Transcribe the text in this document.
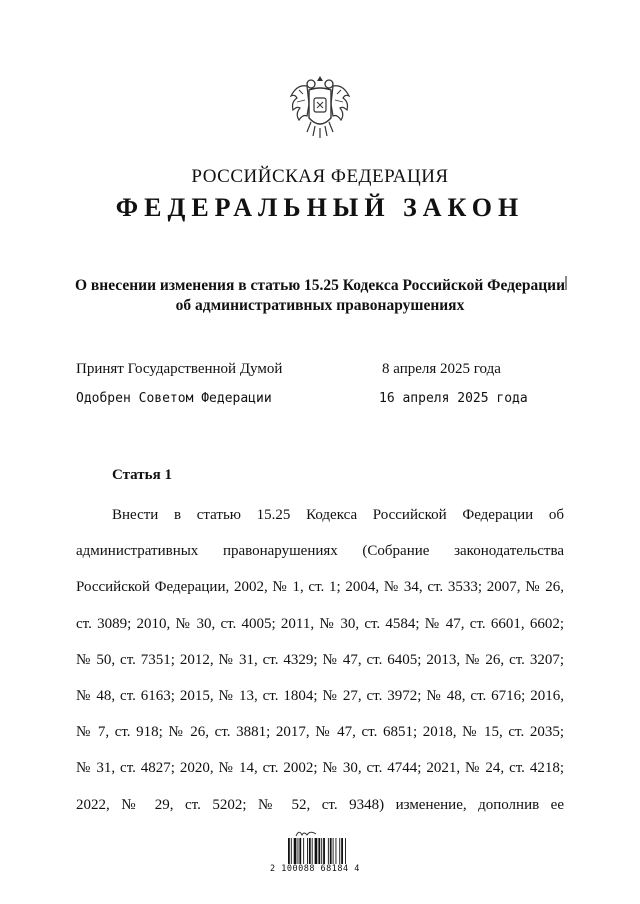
РОССИЙСКАЯ ФЕДЕРАЦИЯ
ФЕДЕРАЛЬНЫЙ ЗАКОН
О внесении изменения в статью 15.25 Кодекса Российской Федерации
об административных правонарушениях
Принят Государственной Думой	8 апреля 2025 года
Одобрен Советом Федерации	16 апреля 2025 года
Статья 1
Внести в статью 15.25 Кодекса Российской Федерации об
административных правонарушениях (Собрание законодательства
Российской Федерации, 2002, № 1, ст. 1; 2004, № 34, ст. 3533; 2007, № 26,
ст. 3089; 2010, № 30, ст. 4005; 2011, № 30, ст. 4584; № 47, ст. 6601, 6602;
№ 50, ст. 7351; 2012, № 31, ст. 4329; № 47, ст. 6405; 2013, № 26, ст. 3207;
№ 48, ст. 6163; 2015, № 13, ст. 1804; № 27, ст. 3972; № 48, ст. 6716; 2016,
№ 7, ст. 918; № 26, ст. 3881; 2017, № 47, ст. 6851; 2018, № 15, ст. 2035;
№ 31, ст. 4827; 2020, № 14, ст. 2002; № 30, ст. 4744; 2021, № 24, ст. 4218;
2022, № 29, ст. 5202; № 52, ст. 9348) изменение, дополнив ее
2 100088 68184 4
